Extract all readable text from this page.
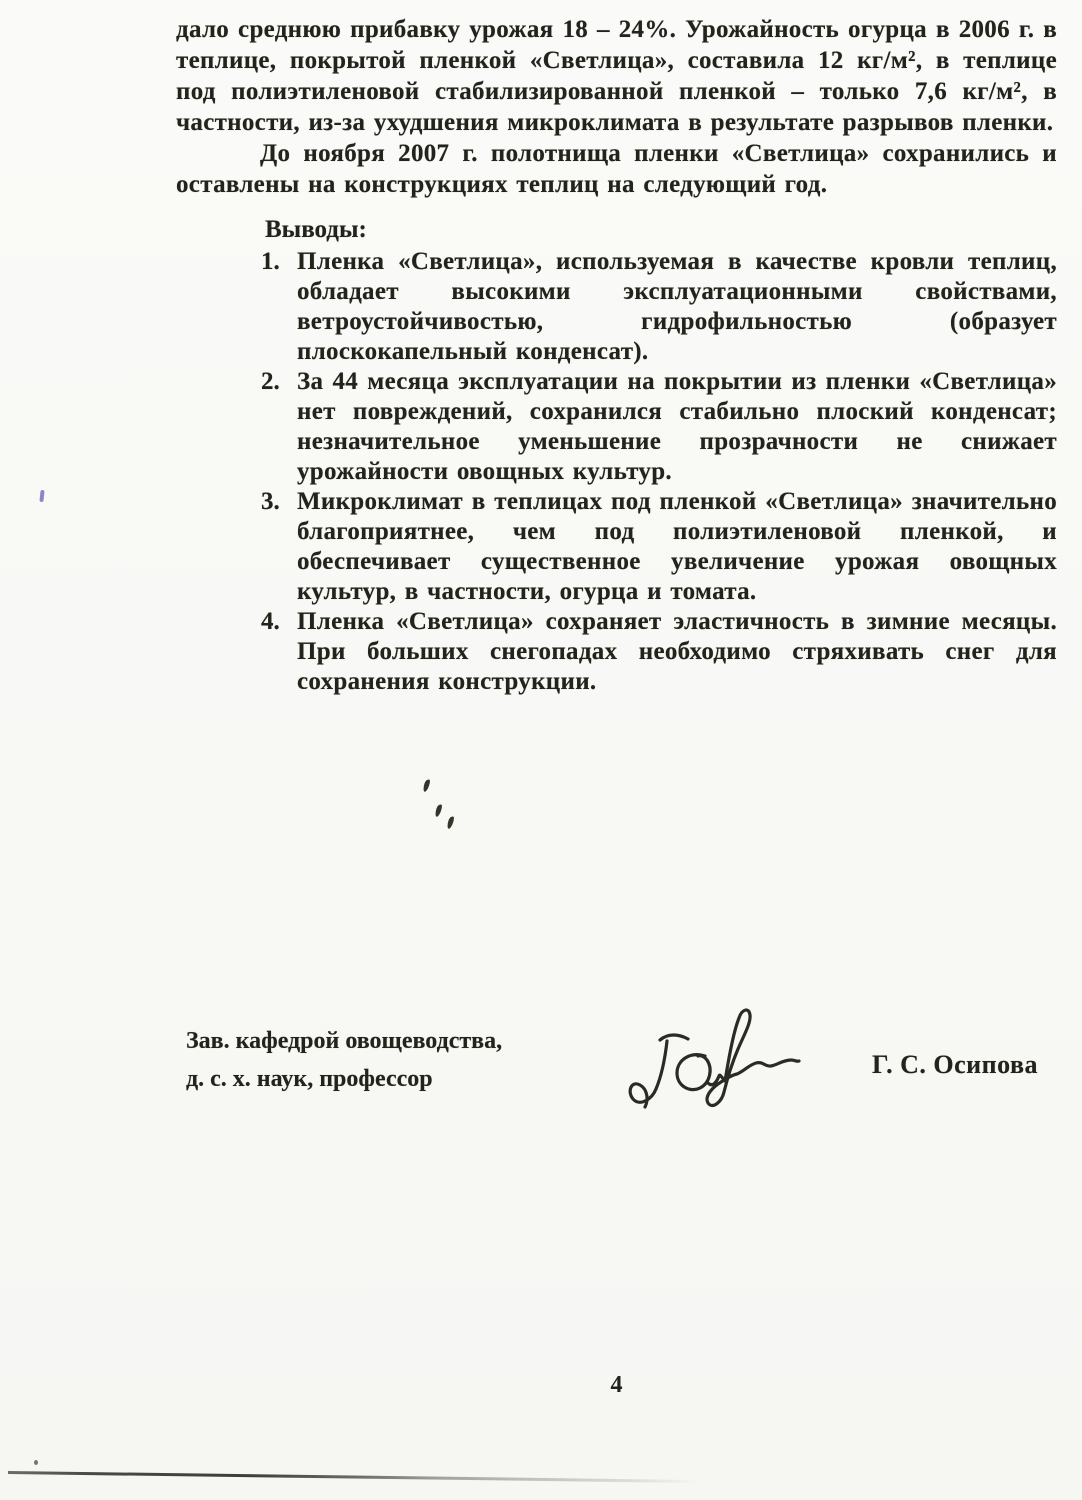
дало среднюю прибавку урожая 18 – 24%. Урожайность огурца в 2006 г. в теплице, покрытой пленкой «Светлица», составила 12 кг/м², в теплице под полиэтиленовой стабилизированной пленкой – только 7,6 кг/м², в частности, из-за ухудшения микроклимата в результате разрывов пленки.

До ноября 2007 г. полотнища пленки «Светлица» сохранились и оставлены на конструкциях теплиц на следующий год.

Выводы:
1. Пленка «Светлица», используемая в качестве кровли теплиц, обладает высокими эксплуатационными свойствами, ветроустойчивостью, гидрофильностью (образует плоскокапельный конденсат).
2. За 44 месяца эксплуатации на покрытии из пленки «Светлица» нет повреждений, сохранился стабильно плоский конденсат; незначительное уменьшение прозрачности не снижает урожайности овощных культур.
3. Микроклимат в теплицах под пленкой «Светлица» значительно благоприятнее, чем под полиэтиленовой пленкой, и обеспечивает существенное увеличение урожая овощных культур, в частности, огурца и томата.
4. Пленка «Светлица» сохраняет эластичность в зимние месяцы. При больших снегопадах необходимо стряхивать снег для сохранения конструкции.
Зав. кафедрой овощеводства,
д. с. х. наук, профессор	Г. С. Осипова
4
